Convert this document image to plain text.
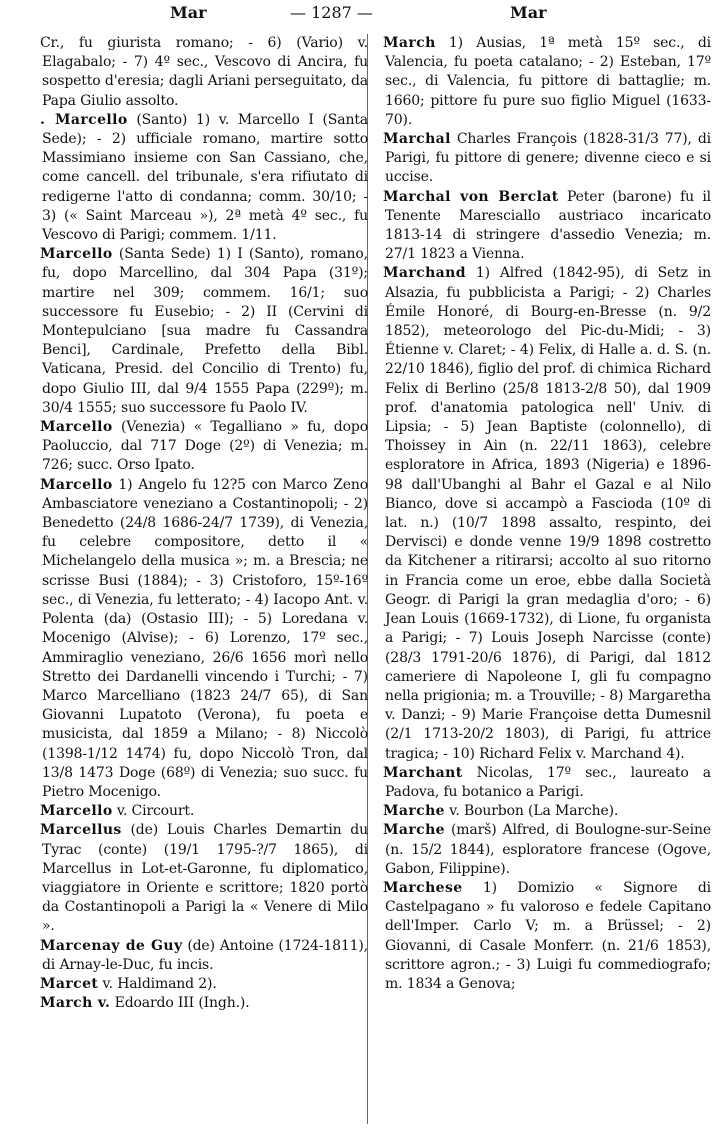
Mar	— 1287 —	Mar

Cr., fu giurista romano; - 6) (Vario) v. Elagabalo; - 7) 4º sec., Vescovo di Ancira, fu sospetto d'eresia; dagli Ariani perseguitato, da Papa Giulio assolto.

. Marcello (Santo) 1) v. Marcello I (Santa Sede); - 2) ufficiale romano, martire sotto Massimiano insieme con San Cassiano, che, come cancell. del tribunale, s'era rifiutato di redigerne l'atto di condanna; comm. 30/10; - 3) (« Saint Marceau »), 2ª metà 4º sec., fu Vescovo di Parigi; commem. 1/11.

Marcello (Santa Sede) 1) I (Santo), romano, fu, dopo Marcellino, dal 304 Papa (31º); martire nel 309; commem. 16/1; suo successore fu Eusebio; - 2) II (Cervini di Montepulciano [sua madre fu Cassandra Benci], Cardinale, Prefetto della Bibl. Vaticana, Presid. del Concilio di Trento) fu, dopo Giulio III, dal 9/4 1555 Papa (229º); m. 30/4 1555; suo successore fu Paolo IV.

Marcello (Venezia) « Tegalliano » fu, dopo Paoluccio, dal 717 Doge (2º) di Venezia; m. 726; succ. Orso Ipato.

Marcello 1) Angelo fu 12?5 con Marco Zeno Ambasciatore veneziano a Costantinopoli; - 2) Benedetto (24/8 1686-24/7 1739), di Venezia, fu celebre compositore, detto il « Michelangelo della musica »; m. a Brescia; ne scrisse Busi (1884); - 3) Cristoforo, 15º-16º sec., di Venezia, fu letterato; - 4) Iacopo Ant. v. Polenta (da) (Ostasio III); - 5) Loredana v. Mocenigo (Alvise); - 6) Lorenzo, 17º sec., Ammiraglio veneziano, 26/6 1656 morì nello Stretto dei Dardanelli vincendo i Turchi; - 7) Marco Marcelliano (1823 24/7 65), di San Giovanni Lupatoto (Verona), fu poeta e musicista, dal 1859 a Milano; - 8) Niccolò (1398-1/12 1474) fu, dopo Niccolò Tron, dal 13/8 1473 Doge (68º) di Venezia; suo succ. fu Pietro Mocenigo.

Marcello v. Circourt.

Marcellus (de) Louis Charles Demartin du Tyrac (conte) (19/1 1795-?/7 1865), di Marcellus in Lot-et-Garonne, fu diplomatico, viaggiatore in Oriente e scrittore; 1820 portò da Costantinopoli a Parigi la « Venere di Milo ».

Marcenay de Guy (de) Antoine (1724-1811), di Arnay-le-Duc, fu incis.

Marcet v. Haldimand 2).

March v. Edoardo III (Ingh.).

March 1) Ausias, 1ª metà 15º sec., di Valencia, fu poeta catalano; - 2) Esteban, 17º sec., di Valencia, fu pittore di battaglie; m. 1660; pittore fu pure suo figlio Miguel (1633-70).

Marchal Charles François (1828-31/3 77), di Parigi, fu pittore di genere; divenne cieco e si uccise.

Marchal von Berclat Peter (barone) fu il Tenente Maresciallo austriaco incaricato 1813-14 di stringere d'assedio Venezia; m. 27/1 1823 a Vienna.

Marchand 1) Alfred (1842-95), di Setz in Alsazia, fu pubblicista a Parigi; - 2) Charles Émile Honoré, di Bourg-en-Bresse (n. 9/2 1852), meteorologo del Pic-du-Midi; - 3) Étienne v. Claret; - 4) Felix, di Halle a. d. S. (n. 22/10 1846), figlio del prof. di chimica Richard Felix di Berlino (25/8 1813-2/8 50), dal 1909 prof. d'anatomia patologica nell' Univ. di Lipsia; - 5) Jean Baptiste (colonnello), di Thoissey in Ain (n. 22/11 1863), celebre esploratore in Africa, 1893 (Nigeria) e 1896-98 dall'Ubanghi al Bahr el Gazal e al Nilo Bianco, dove si accampò a Fascioda (10º di lat. n.) (10/7 1898 assalto, respinto, dei Dervisci) e donde venne 19/9 1898 costretto da Kitchener a ritirarsi; accolto al suo ritorno in Francia come un eroe, ebbe dalla Società Geogr. di Parigi la gran medaglia d'oro; - 6) Jean Louis (1669-1732), di Lione, fu organista a Parigi; - 7) Louis Joseph Narcisse (conte) (28/3 1791-20/6 1876), di Parigi, dal 1812 cameriere di Napoleone I, gli fu compagno nella prigionia; m. a Trouville; - 8) Margaretha v. Danzi; - 9) Marie Françoise detta Dumesnil (2/1 1713-20/2 1803), di Parigi, fu attrice tragica; - 10) Richard Felix v. Marchand 4).

Marchant Nicolas, 17º sec., laureato a Padova, fu botanico a Parigi.

Marche v. Bourbon (La Marche).

Marche (marš) Alfred, di Boulogne-sur-Seine (n. 15/2 1844), esploratore francese (Ogove, Gabon, Filippine).

Marchese 1) Domizio « Signore di Castelpagano » fu valoroso e fedele Capitano dell'Imper. Carlo V; m. a Brüssel; - 2) Giovanni, di Casale Monferr. (n. 21/6 1853), scrittore agron.; - 3) Luigi fu commediografo; m. 1834 a Genova;
